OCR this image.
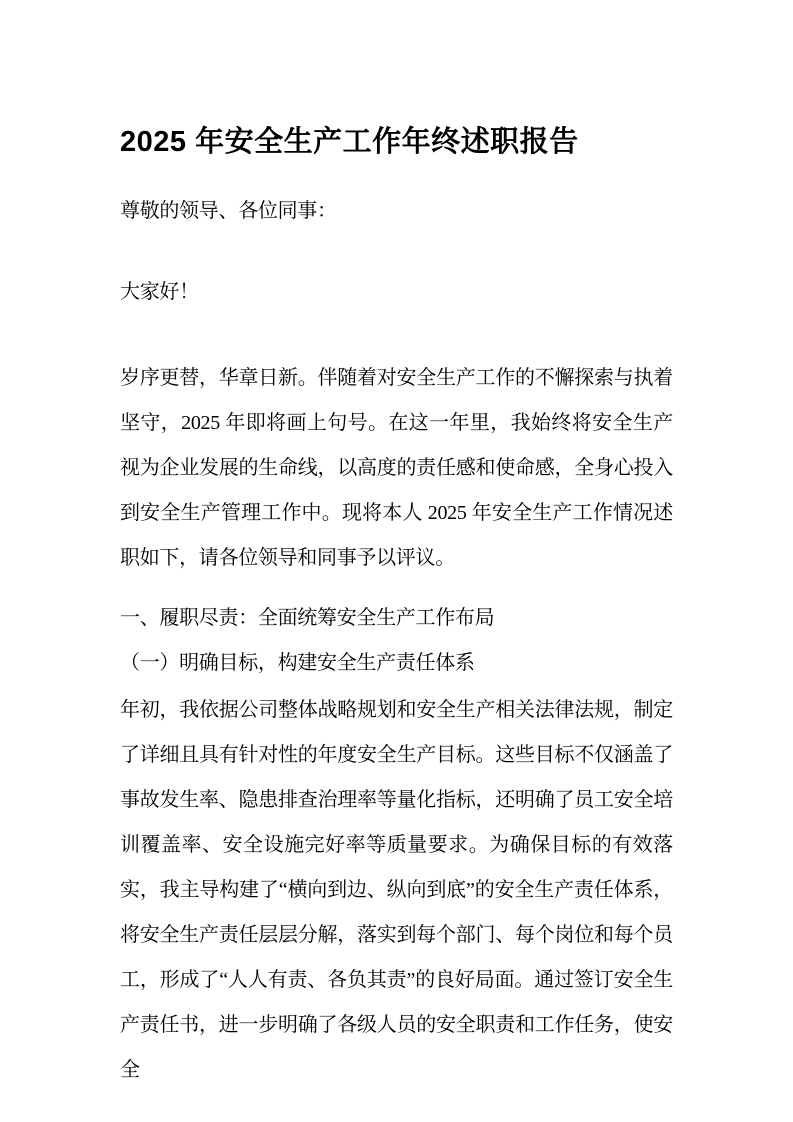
2025 年安全生产工作年终述职报告

尊敬的领导、各位同事：

大家好！

岁序更替，华章日新。伴随着对安全生产工作的不懈探索与执着坚守，2025 年即将画上句号。在这一年里，我始终将安全生产视为企业发展的生命线，以高度的责任感和使命感，全身心投入到安全生产管理工作中。现将本人 2025 年安全生产工作情况述职如下，请各位领导和同事予以评议。

一、履职尽责：全面统筹安全生产工作布局

（一）明确目标，构建安全生产责任体系

年初，我依据公司整体战略规划和安全生产相关法律法规，制定了详细且具有针对性的年度安全生产目标。这些目标不仅涵盖了事故发生率、隐患排查治理率等量化指标，还明确了员工安全培训覆盖率、安全设施完好率等质量要求。为确保目标的有效落实，我主导构建了“横向到边、纵向到底”的安全生产责任体系，将安全生产责任层层分解，落实到每个部门、每个岗位和每个员工，形成了“人人有责、各负其责”的良好局面。通过签订安全生产责任书，进一步明确了各级人员的安全职责和工作任务，使安全
